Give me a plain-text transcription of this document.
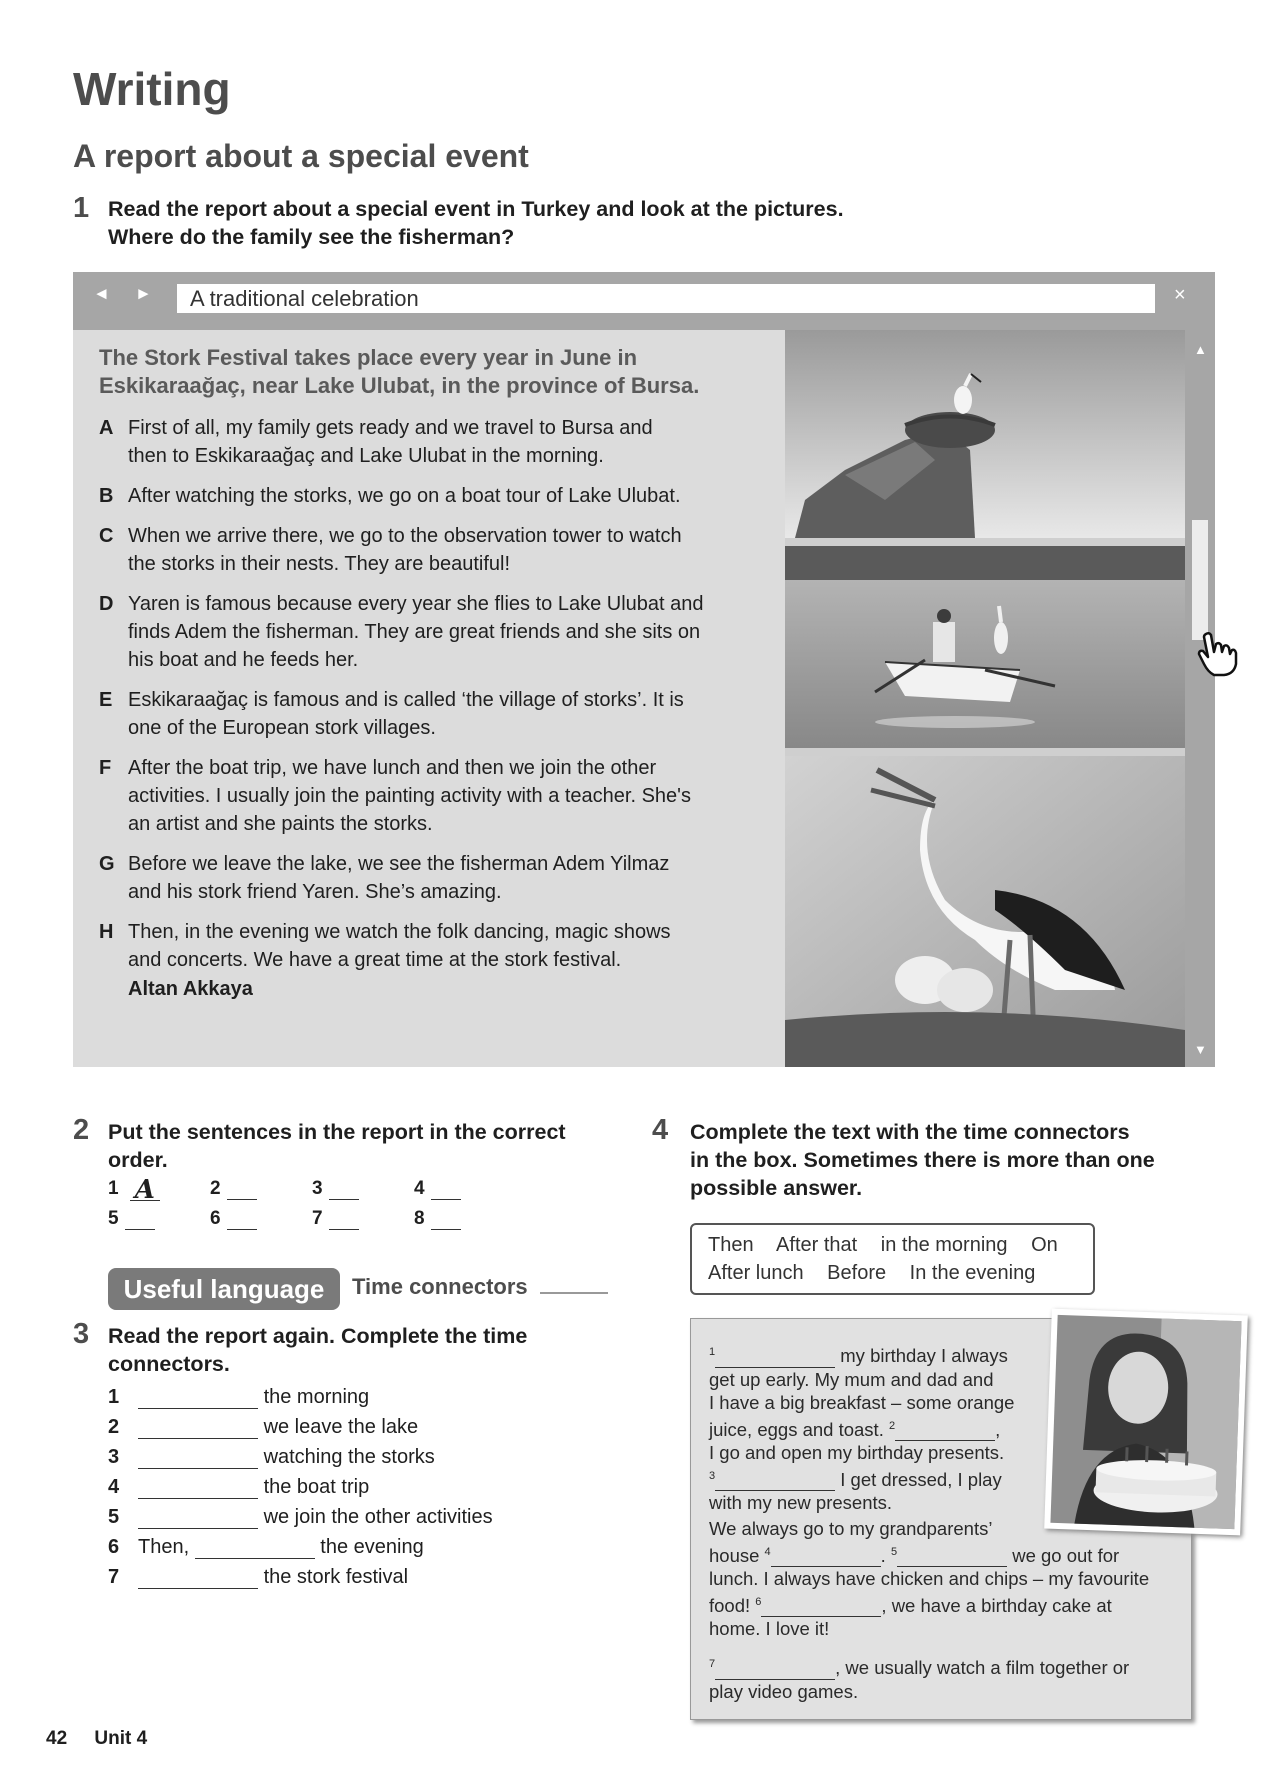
Writing
A report about a special event
1 Read the report about a special event in Turkey and look at the pictures.
Where do the family see the fisherman?
◄ ►	A traditional celebration	×
The Stork Festival takes place every year in June in
Eskikaraağaç, near Lake Ulubat, in the province of Bursa.
A First of all, my family gets ready and we travel to Bursa and
then to Eskikaraağaç and Lake Ulubat in the morning.
B After watching the storks, we go on a boat tour of Lake Ulubat.
C When we arrive there, we go to the observation tower to watch
the storks in their nests. They are beautiful!
D Yaren is famous because every year she flies to Lake Ulubat and
finds Adem the fisherman. They are great friends and she sits on
his boat and he feeds her.
E Eskikaraağaç is famous and is called ‘the village of storks’. It is
one of the European stork villages.
F After the boat trip, we have lunch and then we join the other
activities. I usually join the painting activity with a teacher. She's
an artist and she paints the storks.
G Before we leave the lake, we see the fisherman Adem Yilmaz
and his stork friend Yaren. She’s amazing.
H Then, in the evening we watch the folk dancing, magic shows
and concerts. We have a great time at the stork festival.
Altan Akkaya
▲
▼
2 Put the sentences in the report in the correct
order.
1 A	2	3	4
5	6	7	8
Useful language	Time connectors
3 Read the report again. Complete the time
connectors.
1	the morning
2	we leave the lake
3	watching the storks
4	the boat trip
5	we join the other activities
6 Then,	the evening
7	the stork festival
4 Complete the text with the time connectors
in the box. Sometimes there is more than one
possible answer.
Then After that in the morning On
After lunch Before In the evening
$^1$	my birthday I always
get up early. My mum and dad and
I have a big breakfast – some orange
juice, eggs and toast. $^2$	,
I go and open my birthday presents.
$^3$	I get dressed, I play
with my new presents.
We always go to my grandparents’
house $^4$	. $^5$	we go out for
lunch. I always have chicken and chips – my favourite
food! $^6$	, we have a birthday cake at
home. I love it!
$^7$	, we usually watch a film together or
play video games.
42 Unit 4
